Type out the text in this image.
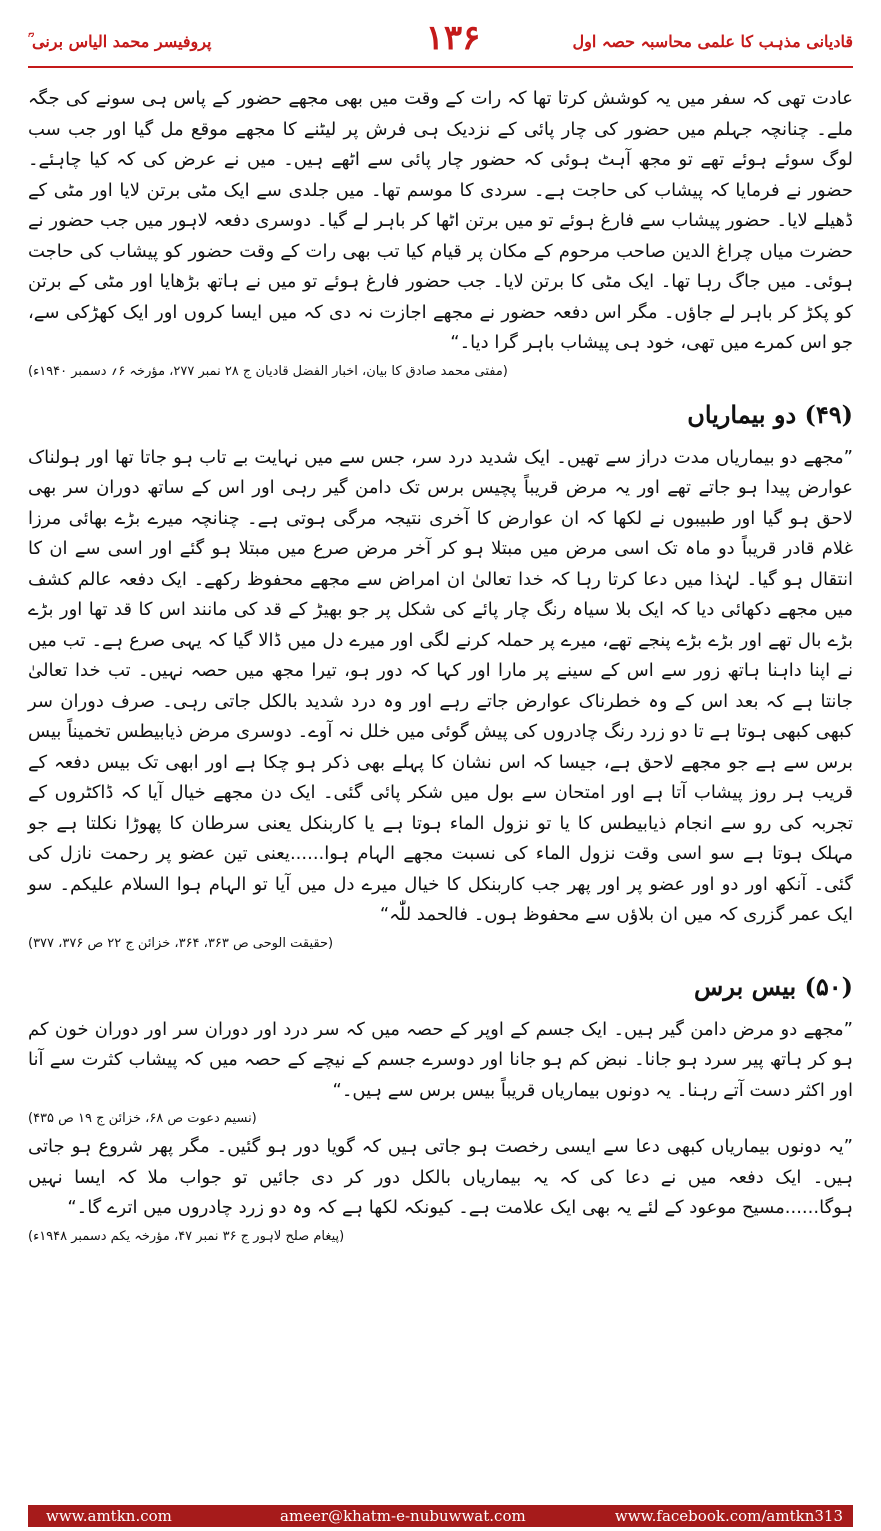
پروفیسر محمد الیاس برنی ؒ	۱۳۶	قادیانی مذہب کا علمی محاسبہ حصہ اول

عادت تھی کہ سفر میں یہ کوشش کرتا تھا کہ رات کے وقت میں بھی مجھے حضور کے پاس ہی سونے کی جگہ ملے۔ چنانچہ جہلم میں حضور کی چار پائی کے نزدیک ہی فرش پر لیٹنے کا مجھے موقع مل گیا اور جب سب لوگ سوئے ہوئے تھے تو مجھ آہٹ ہوئی کہ حضور چار پائی سے اٹھے ہیں۔ میں نے عرض کی کہ کیا چاہئے۔ حضور نے فرمایا کہ پیشاب کی حاجت ہے۔ سردی کا موسم تھا۔ میں جلدی سے ایک مٹی برتن لایا اور مٹی کے ڈھیلے لایا۔ حضور پیشاب سے فارغ ہوئے تو میں برتن اٹھا کر باہر لے گیا۔ دوسری دفعہ لاہور میں جب حضور نے حضرت میاں چراغ الدین صاحب مرحوم کے مکان پر قیام کیا تب بھی رات کے وقت حضور کو پیشاب کی حاجت ہوئی۔ میں جاگ رہا تھا۔ ایک مٹی کا برتن لایا۔ جب حضور فارغ ہوئے تو میں نے ہاتھ بڑھایا اور مٹی کے برتن کو پکڑ کر باہر لے جاؤں۔ مگر اس دفعہ حضور نے مجھے اجازت نہ دی کہ میں ایسا کروں اور ایک کھڑکی سے، جو اس کمرے میں تھی، خود ہی پیشاب باہر گرا دیا۔“

(مفتی محمد صادق کا بیان، اخبار الفضل قادیان ج ۲۸ نمبر ۲۷۷، مؤرخہ ۶؍ دسمبر ۱۹۴۰ء)

(۴۹) دو بیماریاں

”مجھے دو بیماریاں مدت دراز سے تھیں۔ ایک شدید درد سر، جس سے میں نہایت بے تاب ہو جاتا تھا اور ہولناک عوارض پیدا ہو جاتے تھے اور یہ مرض قریباً پچیس برس تک دامن گیر رہی اور اس کے ساتھ دوران سر بھی لاحق ہو گیا اور طبیبوں نے لکھا کہ ان عوارض کا آخری نتیجہ مرگی ہوتی ہے۔ چنانچہ میرے بڑے بھائی مرزا غلام قادر قریباً دو ماہ تک اسی مرض میں مبتلا ہو کر آخر مرض صرع میں مبتلا ہو گئے اور اسی سے ان کا انتقال ہو گیا۔ لہٰذا میں دعا کرتا رہا کہ خدا تعالیٰ ان امراض سے مجھے محفوظ رکھے۔ ایک دفعہ عالم کشف میں مجھے دکھائی دیا کہ ایک بلا سیاہ رنگ چار پائے کی شکل پر جو بھیڑ کے قد کی مانند اس کا قد تھا اور بڑے بڑے بال تھے اور بڑے بڑے پنجے تھے، میرے پر حملہ کرنے لگی اور میرے دل میں ڈالا گیا کہ یہی صرع ہے۔ تب میں نے اپنا داہنا ہاتھ زور سے اس کے سینے پر مارا اور کہا کہ دور ہو، تیرا مجھ میں حصہ نہیں۔ تب خدا تعالیٰ جانتا ہے کہ بعد اس کے وہ خطرناک عوارض جاتے رہے اور وہ درد شدید بالکل جاتی رہی۔ صرف دوران سر کبھی کبھی ہوتا ہے تا دو زرد رنگ چادروں کی پیش گوئی میں خلل نہ آوے۔ دوسری مرض ذیابیطس تخمیناً بیس برس سے ہے جو مجھے لاحق ہے، جیسا کہ اس نشان کا پہلے بھی ذکر ہو چکا ہے اور ابھی تک بیس دفعہ کے قریب ہر روز پیشاب آتا ہے اور امتحان سے بول میں شکر پائی گئی۔ ایک دن مجھے خیال آیا کہ ڈاکٹروں کے تجربہ کی رو سے انجام ذیابیطس کا یا تو نزول الماء ہوتا ہے یا کاربنکل یعنی سرطان کا پھوڑا نکلتا ہے جو مہلک ہوتا ہے سو اسی وقت نزول الماء کی نسبت مجھے الہام ہوا......یعنی تین عضو پر رحمت نازل کی گئی۔ آنکھ اور دو اور عضو پر اور پھر جب کاربنکل کا خیال میرے دل میں آیا تو الہام ہوا السلام علیکم۔ سو ایک عمر گزری کہ میں ان بلاؤں سے محفوظ ہوں۔ فالحمد للّٰہ“

(حقیقت الوحی ص ۳۶۳، ۳۶۴، خزائن ج ۲۲ ص ۳۷۶، ۳۷۷)

(۵۰) بیس برس

”مجھے دو مرض دامن گیر ہیں۔ ایک جسم کے اوپر کے حصہ میں کہ سر درد اور دوران سر اور دوران خون کم ہو کر ہاتھ پیر سرد ہو جانا۔ نبض کم ہو جانا اور دوسرے جسم کے نیچے کے حصہ میں کہ پیشاب کثرت سے آنا اور اکثر دست آتے رہنا۔ یہ دونوں بیماریاں قریباً بیس برس سے ہیں۔“

(نسیم دعوت ص ۶۸، خزائن ج ۱۹ ص ۴۳۵)

”یہ دونوں بیماریاں کبھی دعا سے ایسی رخصت ہو جاتی ہیں کہ گویا دور ہو گئیں۔ مگر پھر شروع ہو جاتی ہیں۔ ایک دفعہ میں نے دعا کی کہ یہ بیماریاں بالکل دور کر دی جائیں تو جواب ملا کہ ایسا نہیں ہوگا......مسیح موعود کے لئے یہ بھی ایک علامت ہے۔ کیونکہ لکھا ہے کہ وہ دو زرد چادروں میں اترے گا۔“

(پیغام صلح لاہور ج ۳۶ نمبر ۴۷، مؤرخہ یکم دسمبر ۱۹۴۸ء)

www.amtkn.com	ameer@khatm-e-nubuwwat.com	www.facebook.com/amtkn313
